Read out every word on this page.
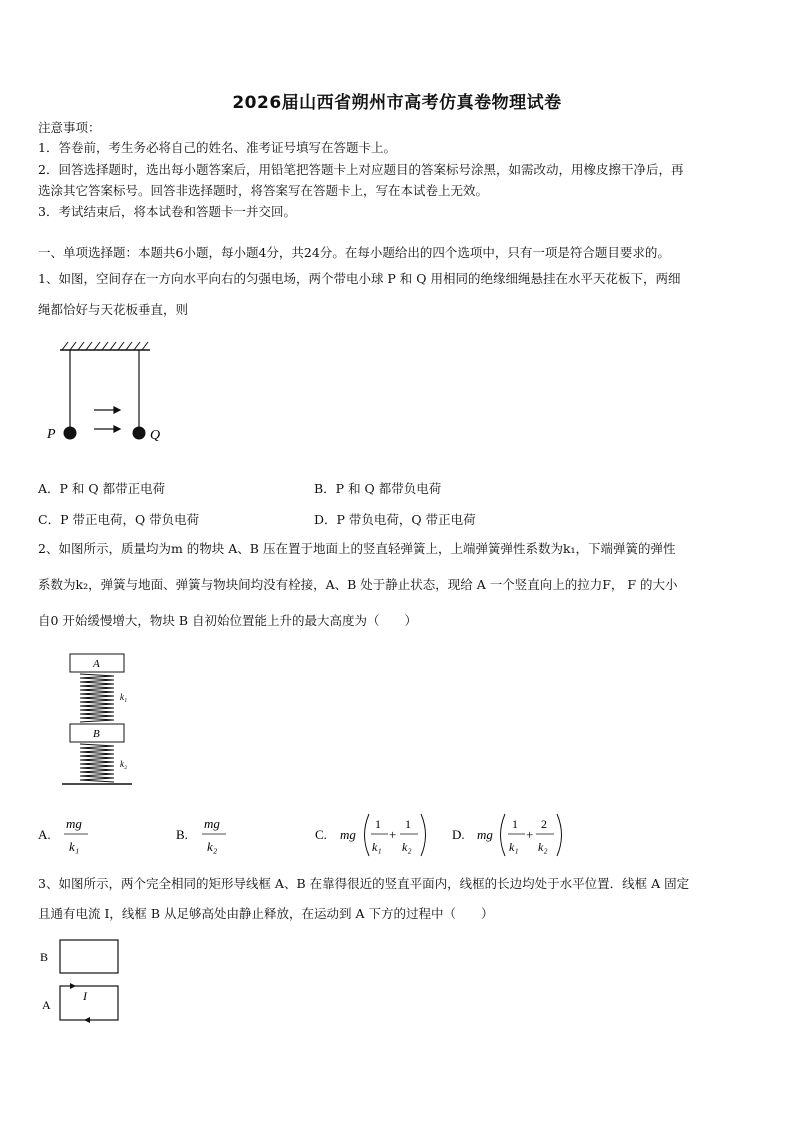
2026届山西省朔州市高考仿真卷物理试卷
注意事项：
1．答卷前，考生务必将自己的姓名、准考证号填写在答题卡上。
2．回答选择题时，选出每小题答案后，用铅笔把答题卡上对应题目的答案标号涂黑，如需改动，用橡皮擦干净后，再
选涂其它答案标号。回答非选择题时，将答案写在答题卡上，写在本试卷上无效。
3．考试结束后，将本试卷和答题卡一并交回。
一、单项选择题：本题共6小题，每小题4分，共24分。在每小题给出的四个选项中，只有一项是符合题目要求的。
1、如图，空间存在一方向水平向右的匀强电场，两个带电小球 P 和 Q 用相同的绝缘细绳悬挂在水平天花板下，两细
绳都恰好与天花板垂直，则
P	Q
A．P 和 Q 都带正电荷	B．P 和 Q 都带负电荷
C．P 带正电荷，Q 带负电荷	D．P 带负电荷，Q 带正电荷
2、如图所示，质量均为m 的物块 A、B 压在置于地面上的竖直轻弹簧上，上端弹簧弹性系数为k₁，下端弹簧的弹性
系数为k₂，弹簧与地面、弹簧与物块间均没有栓接，A、B 处于静止状态，现给 A 一个竖直向上的拉力F， F 的大小
自0 开始缓慢增大，物块 B 自初始位置能上升的最大高度为（　　）
A
k₁
B
k₂
A.
mg
k₁
B.
mg
k₂
C. mg
1
k₁
+
1
k₂
D. mg
1
k₁
+
2
k₂
3、如图所示，两个完全相同的矩形导线框 A、B 在靠得很近的竖直平面内，线框的长边均处于水平位置．线框 A 固定
且通有电流 I，线框 B 从足够高处由静止释放，在运动到 A 下方的过程中（　　）
B
A
I
